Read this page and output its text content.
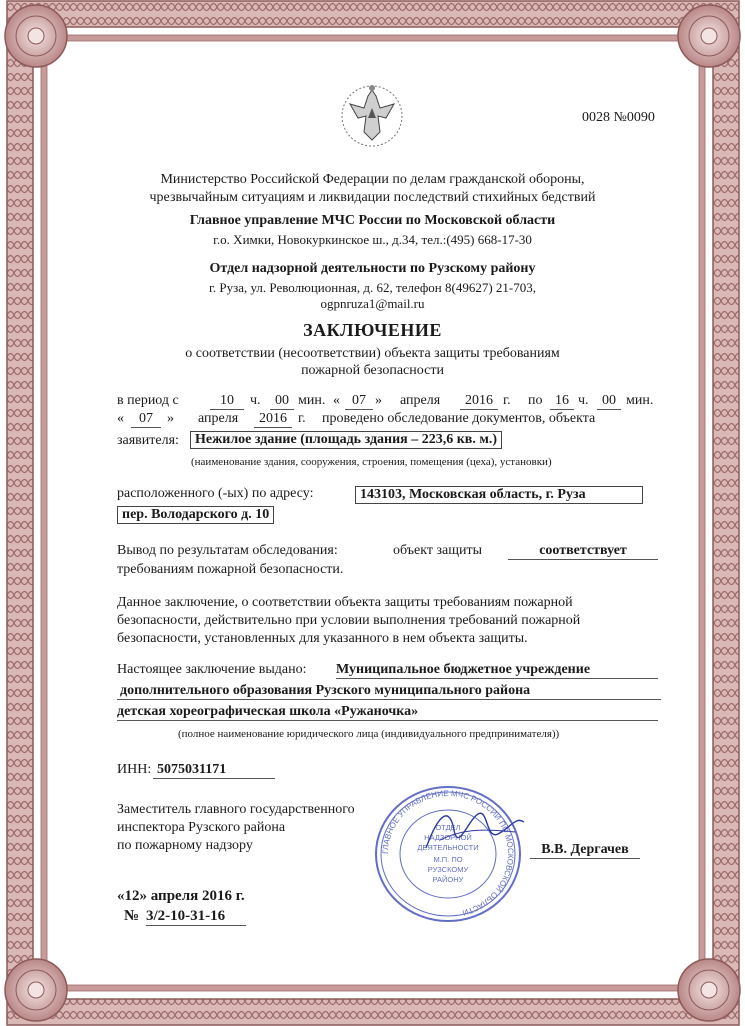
0028 №0090
Министерство Российской Федерации по делам гражданской обороны,
чрезвычайным ситуациям и ликвидации последствий стихийных бедствий
Главное управление МЧС России по Московской области
г.о. Химки, Новокуркинское ш., д.34, тел.:(495) 668-17-30
Отдел надзорной деятельности по Рузскому району
г. Руза, ул. Революционная, д. 62, телефон 8(49627) 21-703,
ogpnruza1@mail.ru
ЗАКЛЮЧЕНИЕ
о соответствии (несоответствии) объекта защиты требованиям
пожарной безопасности
в период с	10	ч.	00 мин. « 07 » апреля	2016 г. по 16 ч. 00 мин.
«	07	» апреля	2016 г. проведено обследование документов, объекта
заявителя:	Нежилое здание (площадь здания – 223,6 кв. м.)
(наименование здания, сооружения, строения, помещения (цеха), установки)
расположенного (-ых) по адресу:	143103, Московская область, г. Руза
пер. Володарского д. 10
Вывод по результатам обследования:	объект защиты	соответствует
требованиям пожарной безопасности.
Данное заключение, о соответствии объекта защиты требованиям пожарной
безопасности, действительно при условии выполнения требований пожарной
безопасности, установленных для указанного в нем объекта защиты.
Настоящее заключение выдано: Муниципальное бюджетное учреждение
дополнительного образования Рузского муниципального района
детская хореографическая школа «Ружаночка»
(полное наименование юридического лица (индивидуального предпринимателя))
ИНН: 5075031171
Заместитель главного государственного
инспектора Рузского района
по пожарному надзору	В.В. Дергачев
ГЛАВНОЕ УПРАВЛЕНИЕ МЧС РОССИИ ПО МОСКОВСКОЙ ОБЛАСТИ
ОТДЕЛ
НАДЗОРНОЙ
ДЕЯТЕЛЬНОСТИ
М.П. ПО
РУЗСКОМУ
РАЙОНУ
«12» апреля 2016 г.
№ 3/2-10-31-16
